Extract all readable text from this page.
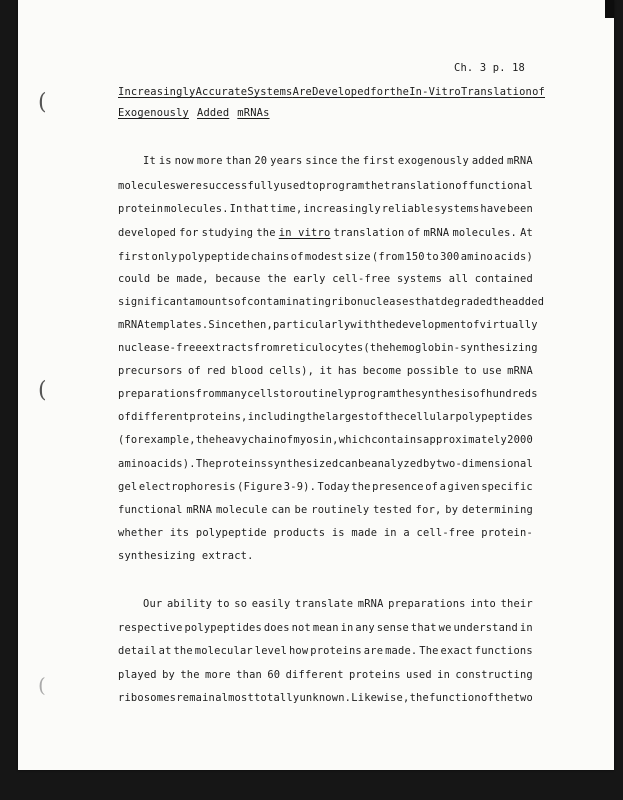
(
(
(
Ch. 3 p. 18
Increasingly Accurate Systems Are Developed for the In-Vitro Translation of
Exogenously Added mRNAs
It is now more than 20 years since the first exogenously added mRNA
molecules were successfully used to program the translation of functional
protein molecules. In that time, increasingly reliable systems have been
developed for studying the in vitro translation of mRNA molecules. At
first only polypeptide chains of modest size (from 150 to 300 amino acids)
could be made, because the early cell-free systems all contained
significant amounts of contaminating ribonucleases that degraded the added
mRNA templates. Since then, particularly with the development of virtually
nuclease-free extracts from reticulocytes (the hemoglobin-synthesizing
precursors of red blood cells), it has become possible to use mRNA
preparations from many cells to routinely program the synthesis of hundreds
of different proteins, including the largest of the cellular polypeptides
(for example, the heavy chain of myosin, which contains approximately 2000
amino acids). The proteins synthesized can be analyzed by two-dimensional
gel electrophoresis (Figure 3-9). Today the presence of a given specific
functional mRNA molecule can be routinely tested for, by determining
whether its polypeptide products is made in a cell-free protein-
synthesizing extract.
Our ability to so easily translate mRNA preparations into their
respective polypeptides does not mean in any sense that we understand in
detail at the molecular level how proteins are made. The exact functions
played by the more than 60 different proteins used in constructing
ribosomes remain almost totally unknown. Likewise, the function of the two
